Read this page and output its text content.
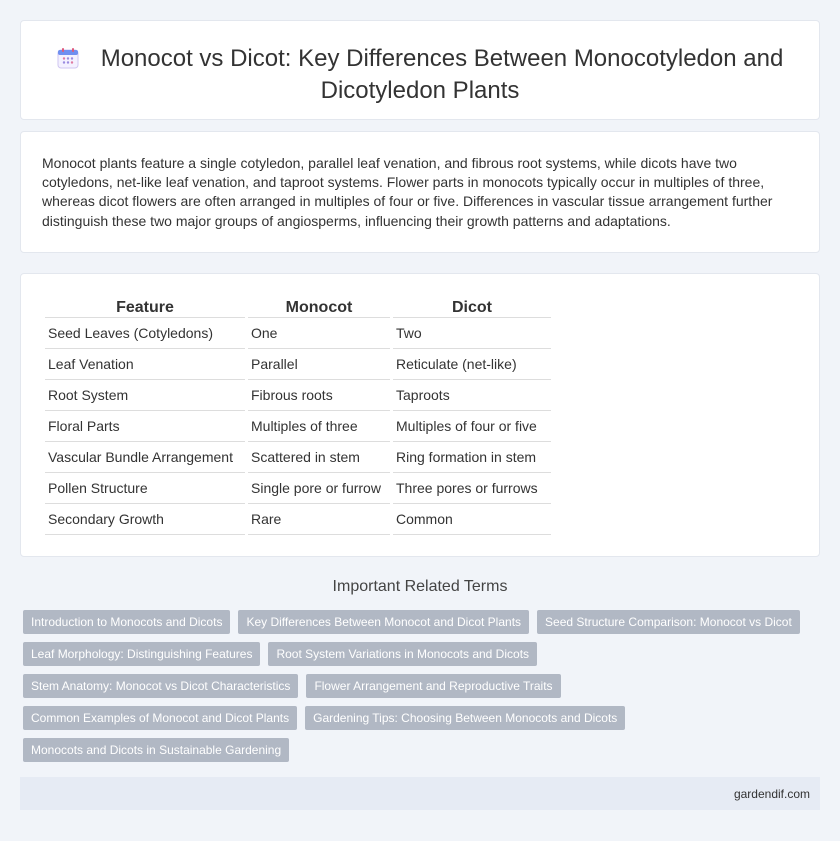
Monocot vs Dicot: Key Differences Between Monocotyledon and Dicotyledon Plants

Monocot plants feature a single cotyledon, parallel leaf venation, and fibrous root systems, while dicots have two cotyledons, net-like leaf venation, and taproot systems. Flower parts in monocots typically occur in multiples of three, whereas dicot flowers are often arranged in multiples of four or five. Differences in vascular tissue arrangement further distinguish these two major groups of angiosperms, influencing their growth patterns and adaptations.

Feature	Monocot	Dicot
Seed Leaves (Cotyledons)	One	Two
Leaf Venation	Parallel	Reticulate (net-like)
Root System	Fibrous roots	Taproots
Floral Parts	Multiples of three	Multiples of four or five
Vascular Bundle Arrangement	Scattered in stem	Ring formation in stem
Pollen Structure	Single pore or furrow	Three pores or furrows
Secondary Growth	Rare	Common
Important Related Terms
Introduction to Monocots and Dicots	Key Differences Between Monocot and Dicot Plants	Seed Structure Comparison: Monocot vs Dicot
Leaf Morphology: Distinguishing Features	Root System Variations in Monocots and Dicots
Stem Anatomy: Monocot vs Dicot Characteristics	Flower Arrangement and Reproductive Traits
Common Examples of Monocot and Dicot Plants	Gardening Tips: Choosing Between Monocots and Dicots
Monocots and Dicots in Sustainable Gardening
gardendif.com
